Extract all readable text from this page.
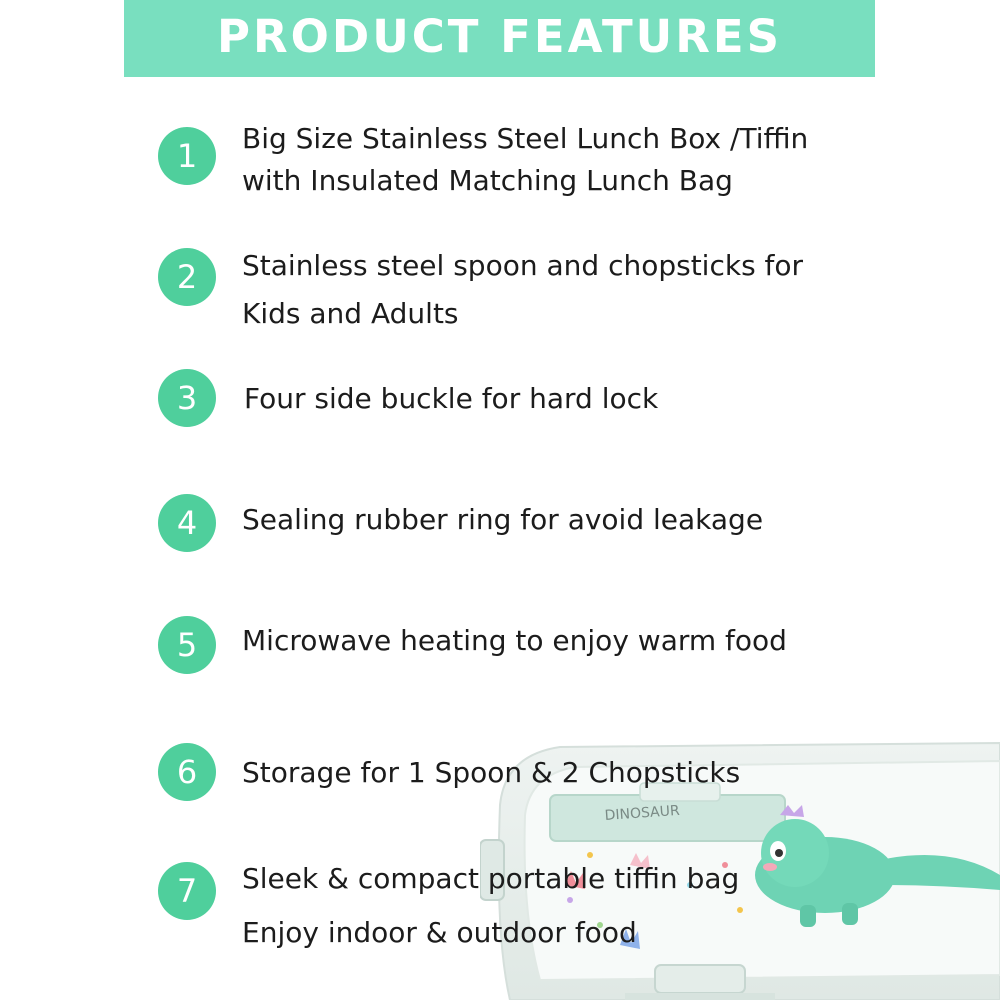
PRODUCT FEATURES
DINOSAUR
1	Big Size Stainless Steel Lunch Box /Tiffin
with Insulated Matching Lunch Bag
2	Stainless steel spoon and chopsticks for
Kids and Adults
3	Four side buckle for hard lock
4	Sealing rubber ring for avoid leakage
5	Microwave heating to enjoy warm food
6	Storage for 1 Spoon & 2 Chopsticks
7	Sleek & compact portable tiffin bag
Enjoy indoor & outdoor food
